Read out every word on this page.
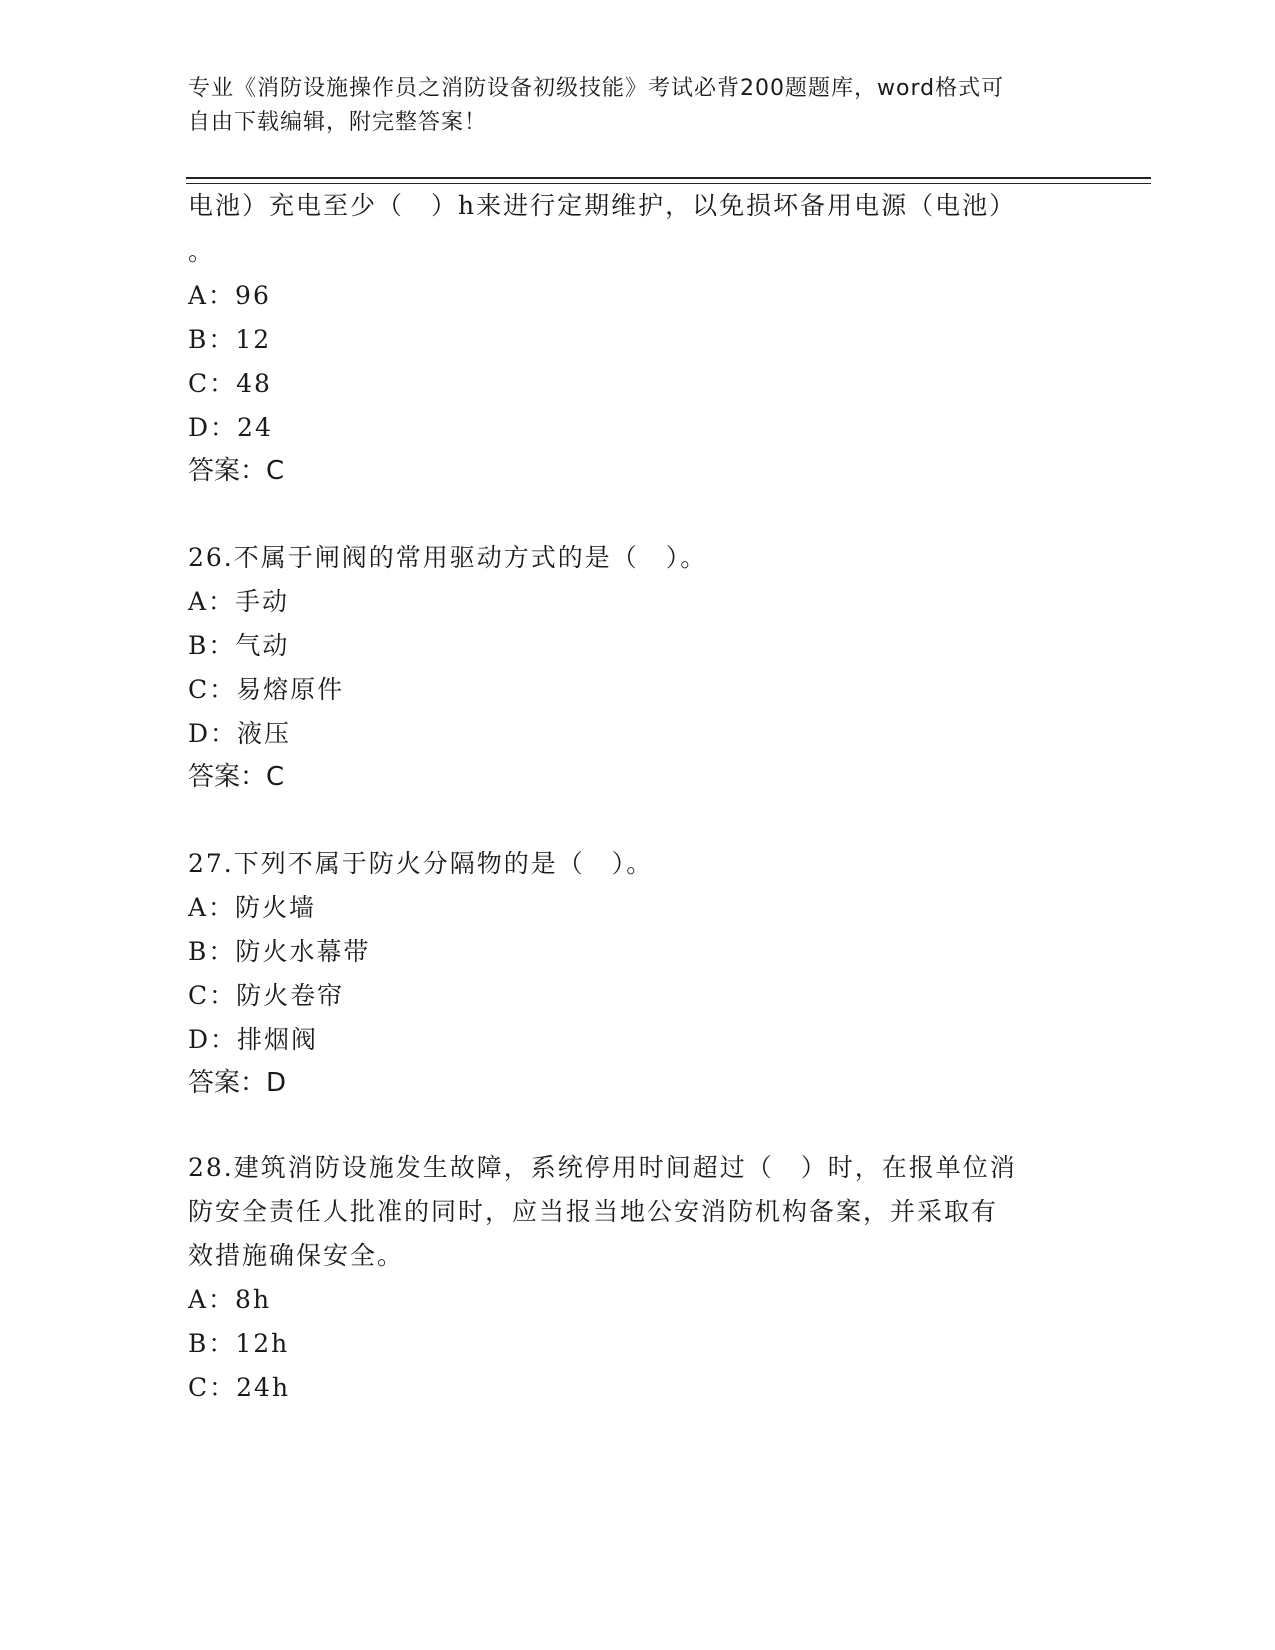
专业《消防设施操作员之消防设备初级技能》考试必背200题题库，word格式可
自由下载编辑，附完整答案！
电池）充电至少（　）h来进行定期维护，以免损坏备用电源（电池）
。
A：96
B：12
C：48
D：24
答案：C
26.不属于闸阀的常用驱动方式的是（　）。
A：手动
B：气动
C：易熔原件
D：液压
答案：C
27.下列不属于防火分隔物的是（　）。
A：防火墙
B：防火水幕带
C：防火卷帘
D：排烟阀
答案：D
28.建筑消防设施发生故障，系统停用时间超过（　）时，在报单位消
防安全责任人批准的同时，应当报当地公安消防机构备案，并采取有
效措施确保安全。
A：8h
B：12h
C：24h
